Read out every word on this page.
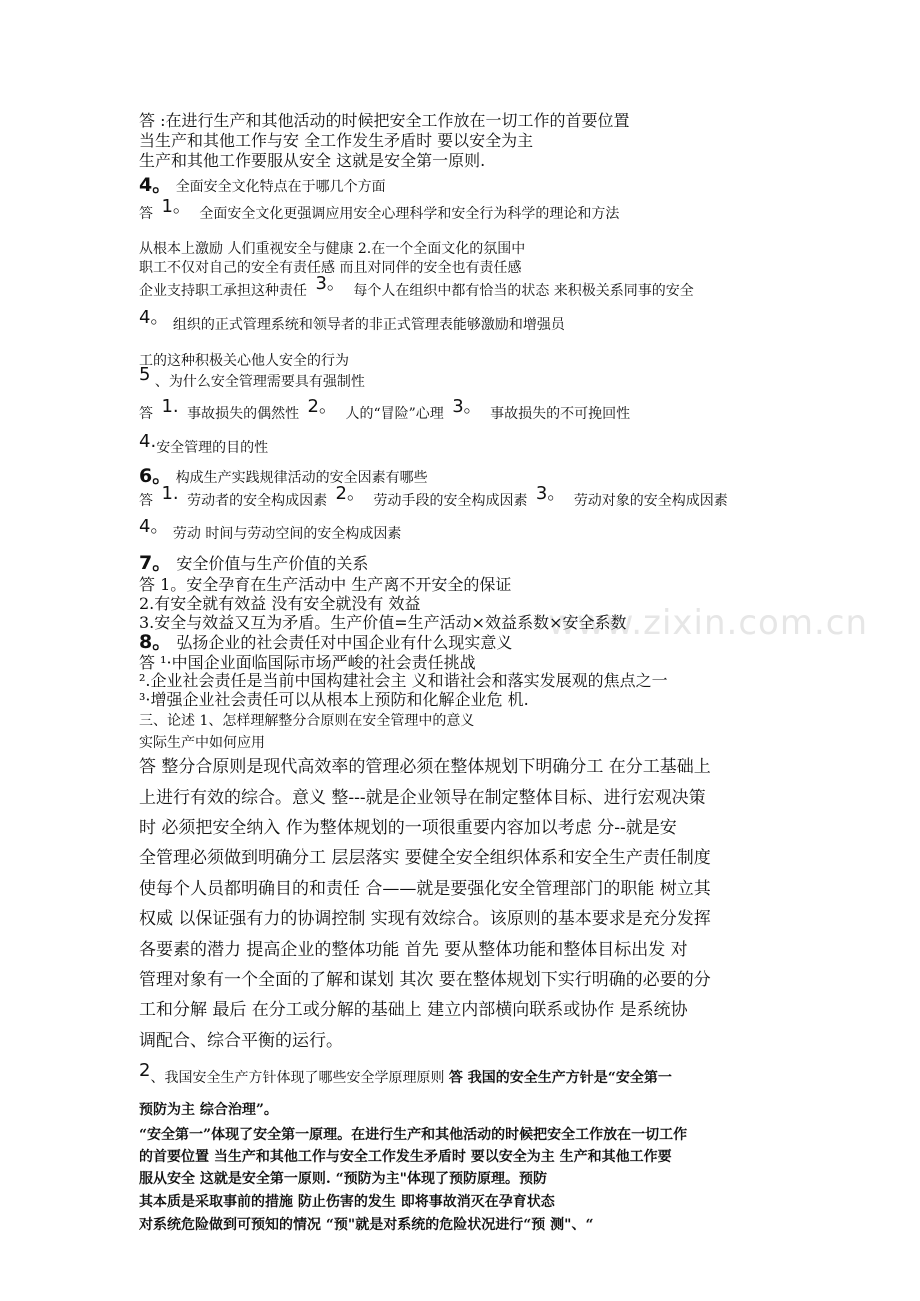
www.zixin.com.cn
答 :在进行生产和其他活动的时候把安全工作放在一切工作的首要位置
当生产和其他工作与安 全工作发生矛盾时 要以安全为主
生产和其他工作要服从安全 这就是安全第一原则.
4。 全面安全文化特点在于哪几个方面
答 1。 全面安全文化更强调应用安全心理科学和安全行为科学的理论和方法
从根本上激励 人们重视安全与健康 2.在一个全面文化的氛围中
职工不仅对自己的安全有责任感 而且对同伴的安全也有责任感
企业支持职工承担这种责任 3。 每个人在组织中都有恰当的状态 来积极关系同事的安全
4。 组织的正式管理系统和领导者的非正式管理表能够激励和增强员
工的这种积极关心他人安全的行为
5 、为什么安全管理需要具有强制性
答 1. 事故损失的偶然性 2。 人的“冒险”心理 3。 事故损失的不可挽回性
4.安全管理的目的性
6。 构成生产实践规律活动的安全因素有哪些
答 1. 劳动者的安全构成因素 2。 劳动手段的安全构成因素 3。 劳动对象的安全构成因素
4。 劳动 时间与劳动空间的安全构成因素
7。 安全价值与生产价值的关系
答 1。安全孕育在生产活动中 生产离不开安全的保证
2.有安全就有效益 没有安全就没有 效益
3.安全与效益又互为矛盾。生产价值=生产活动×效益系数×安全系数
8。 弘扬企业的社会责任对中国企业有什么现实意义
答 ¹·中国企业面临国际市场严峻的社会责任挑战
².企业社会责任是当前中国构建社会主 义和谐社会和落实发展观的焦点之一
³·增强企业社会责任可以从根本上预防和化解企业危 机.
三、论述 1、怎样理解整分合原则在安全管理中的意义
实际生产中如何应用
答 整分合原则是现代高效率的管理必须在整体规划下明确分工 在分工基础上
上进行有效的综合。意义 整---就是企业领导在制定整体目标、进行宏观决策
时 必须把安全纳入 作为整体规划的一项很重要内容加以考虑 分--就是安
全管理必须做到明确分工 层层落实 要健全安全组织体系和安全生产责任制度
使每个人员都明确目的和责任 合——就是要强化安全管理部门的职能 树立其
权威 以保证强有力的协调控制 实现有效综合。该原则的基本要求是充分发挥
各要素的潜力 提高企业的整体功能 首先 要从整体功能和整体目标出发 对
管理对象有一个全面的了解和谋划 其次 要在整体规划下实行明确的必要的分
工和分解 最后 在分工或分解的基础上 建立内部横向联系或协作 是系统协
调配合、综合平衡的运行。
2、我国安全生产方针体现了哪些安全学原理原则 答 我国的安全生产方针是“安全第一
预防为主 综合治理”。
“安全第一”体现了安全第一原理。在进行生产和其他活动的时候把安全工作放在一切工作
的首要位置 当生产和其他工作与安全工作发生矛盾时 要以安全为主 生产和其他工作要
服从安全 这就是安全第一原则. “预防为主"体现了预防原理。预防
其本质是采取事前的措施 防止伤害的发生 即将事故消灭在孕育状态
对系统危险做到可预知的情况 “预"就是对系统的危险状况进行“预 测"、“
